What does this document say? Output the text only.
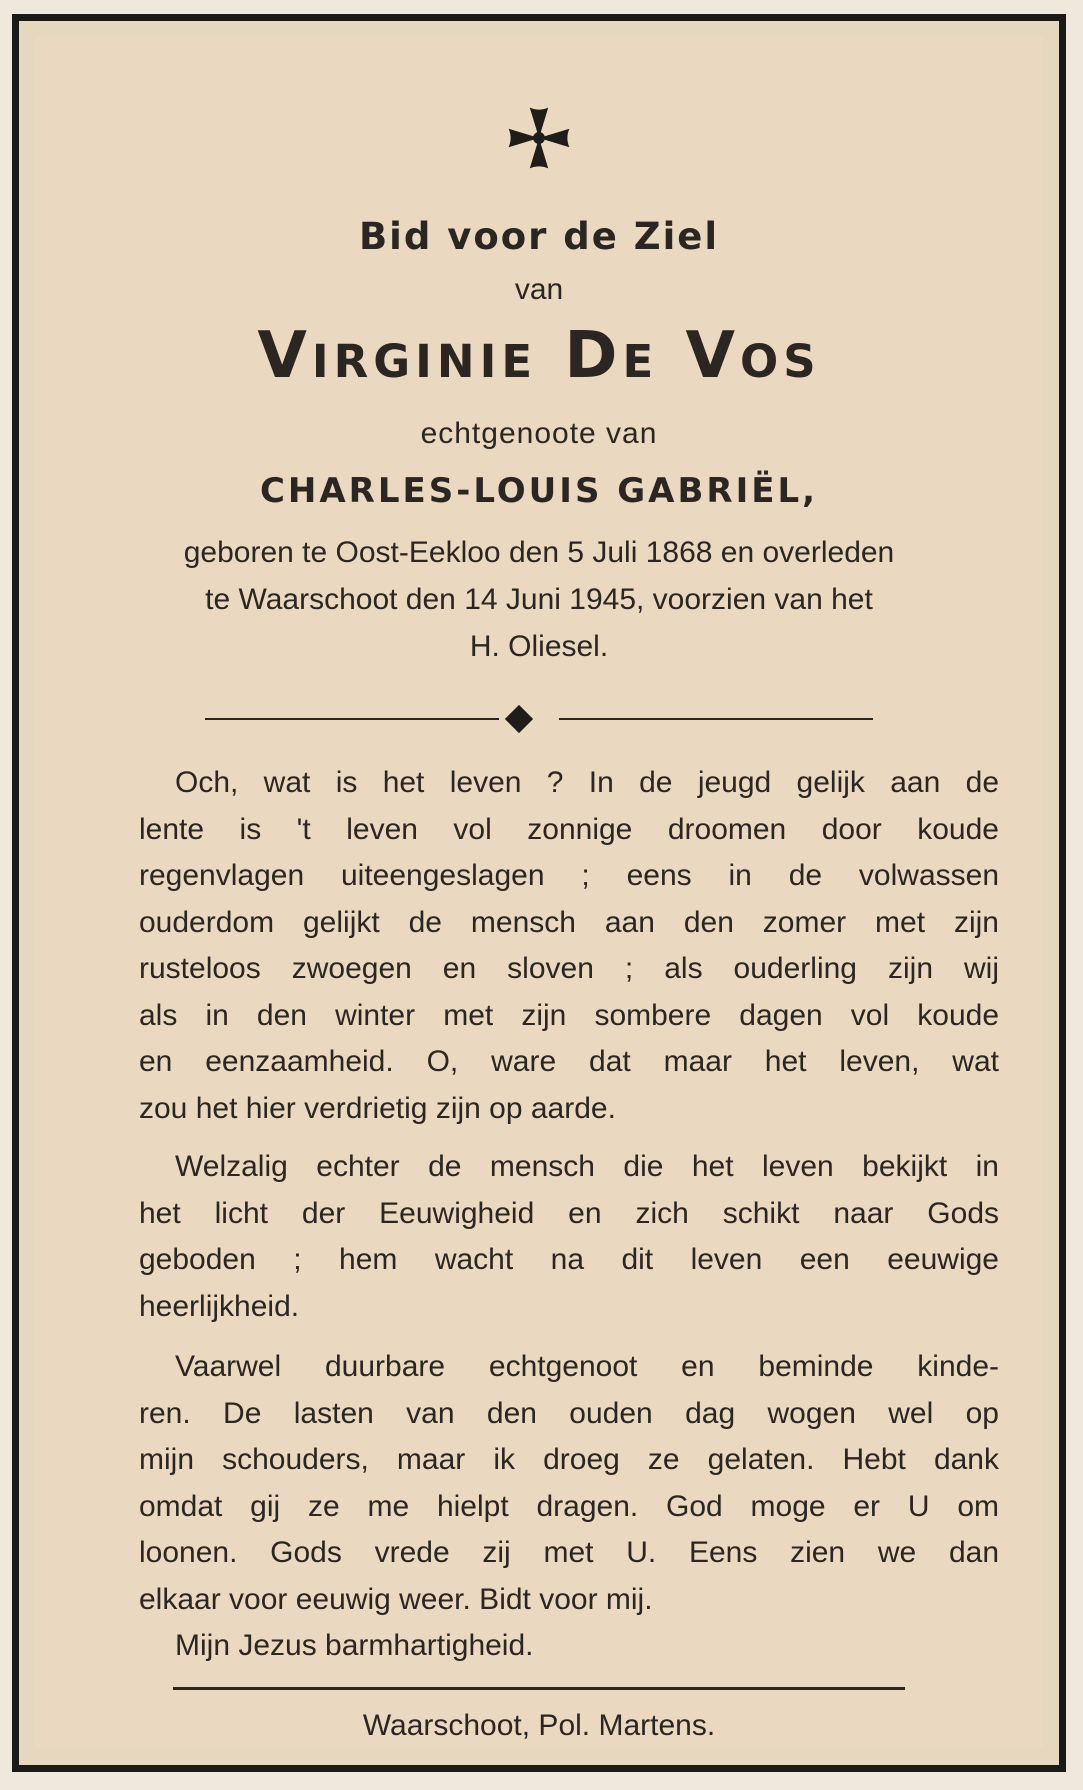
Bid voor de Ziel
van
Virginie De Vos
echtgenoote van
CHARLES-LOUIS GABRIËL,
geboren te Oost-Eekloo den 5 Juli 1868 en overleden
te Waarschoot den 14 Juni 1945, voorzien van het
H. Oliesel.
Och, wat is het leven ? In de jeugd gelijk aan de
lente is 't leven vol zonnige droomen door koude
regenvlagen uiteengeslagen ; eens in de volwassen
ouderdom gelijkt de mensch aan den zomer met zijn
rusteloos zwoegen en sloven ; als ouderling zijn wij
als in den winter met zijn sombere dagen vol koude
en eenzaamheid. O, ware dat maar het leven, wat
zou het hier verdrietig zijn op aarde.
Welzalig echter de mensch die het leven bekijkt in
het licht der Eeuwigheid en zich schikt naar Gods
geboden ; hem wacht na dit leven een eeuwige
heerlijkheid.
Vaarwel duurbare echtgenoot en beminde kinde-
ren. De lasten van den ouden dag wogen wel op
mijn schouders, maar ik droeg ze gelaten. Hebt dank
omdat gij ze me hielpt dragen. God moge er U om
loonen. Gods vrede zij met U. Eens zien we dan
elkaar voor eeuwig weer. Bidt voor mij.
Mijn Jezus barmhartigheid.
Waarschoot, Pol. Martens.
